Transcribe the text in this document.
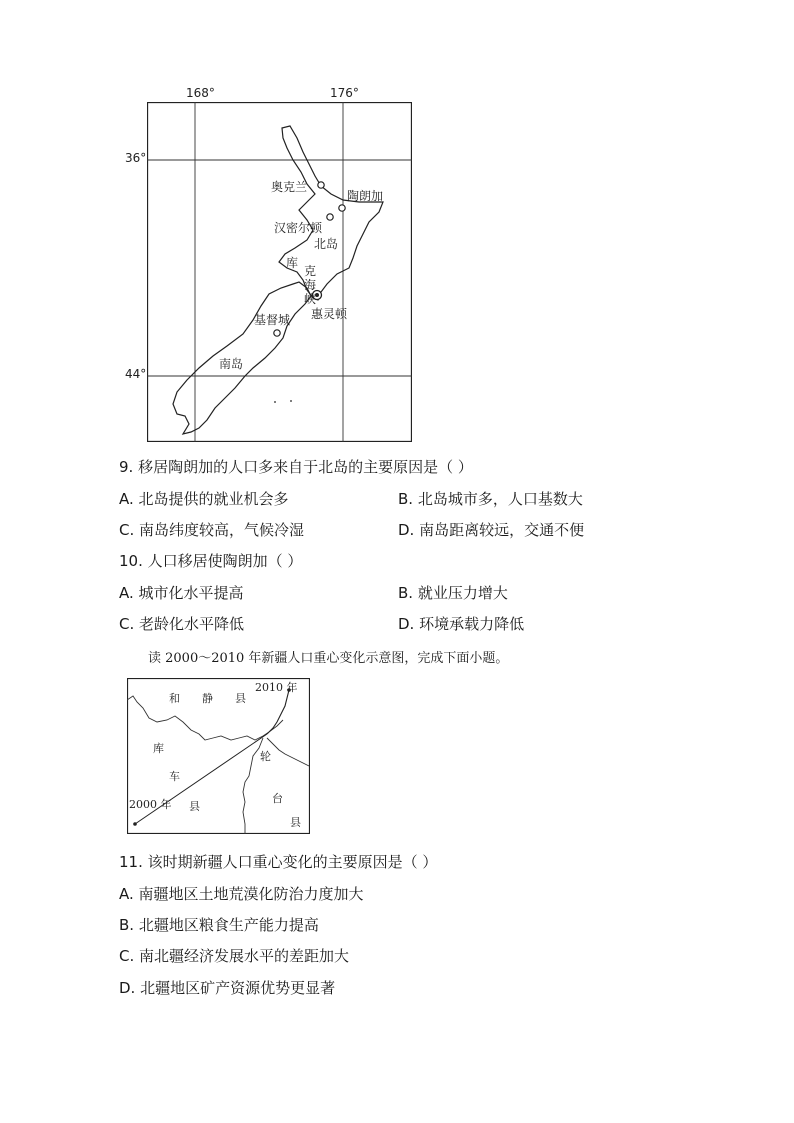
168°	176°
36°
44°
奥克兰
陶朗加
汉密尔顿
北岛
库
克
海
峡
惠灵顿
基督城
南岛
9. 移居陶朗加的人口多来自于北岛的主要原因是（ ）
A. 北岛提供的就业机会多	B. 北岛城市多，人口基数大
C. 南岛纬度较高，气候冷湿	D. 南岛距离较远，交通不便
10. 人口移居使陶朗加（ ）
A. 城市化水平提高	B. 就业压力增大
C. 老龄化水平降低	D. 环境承载力降低
读 2000～2010 年新疆人口重心变化示意图，完成下面小题。
2010 年
2000 年
和 静 县
库
车
县
轮
台
县
11. 该时期新疆人口重心变化的主要原因是（ ）
A. 南疆地区土地荒漠化防治力度加大
B. 北疆地区粮食生产能力提高
C. 南北疆经济发展水平的差距加大
D. 北疆地区矿产资源优势更显著
